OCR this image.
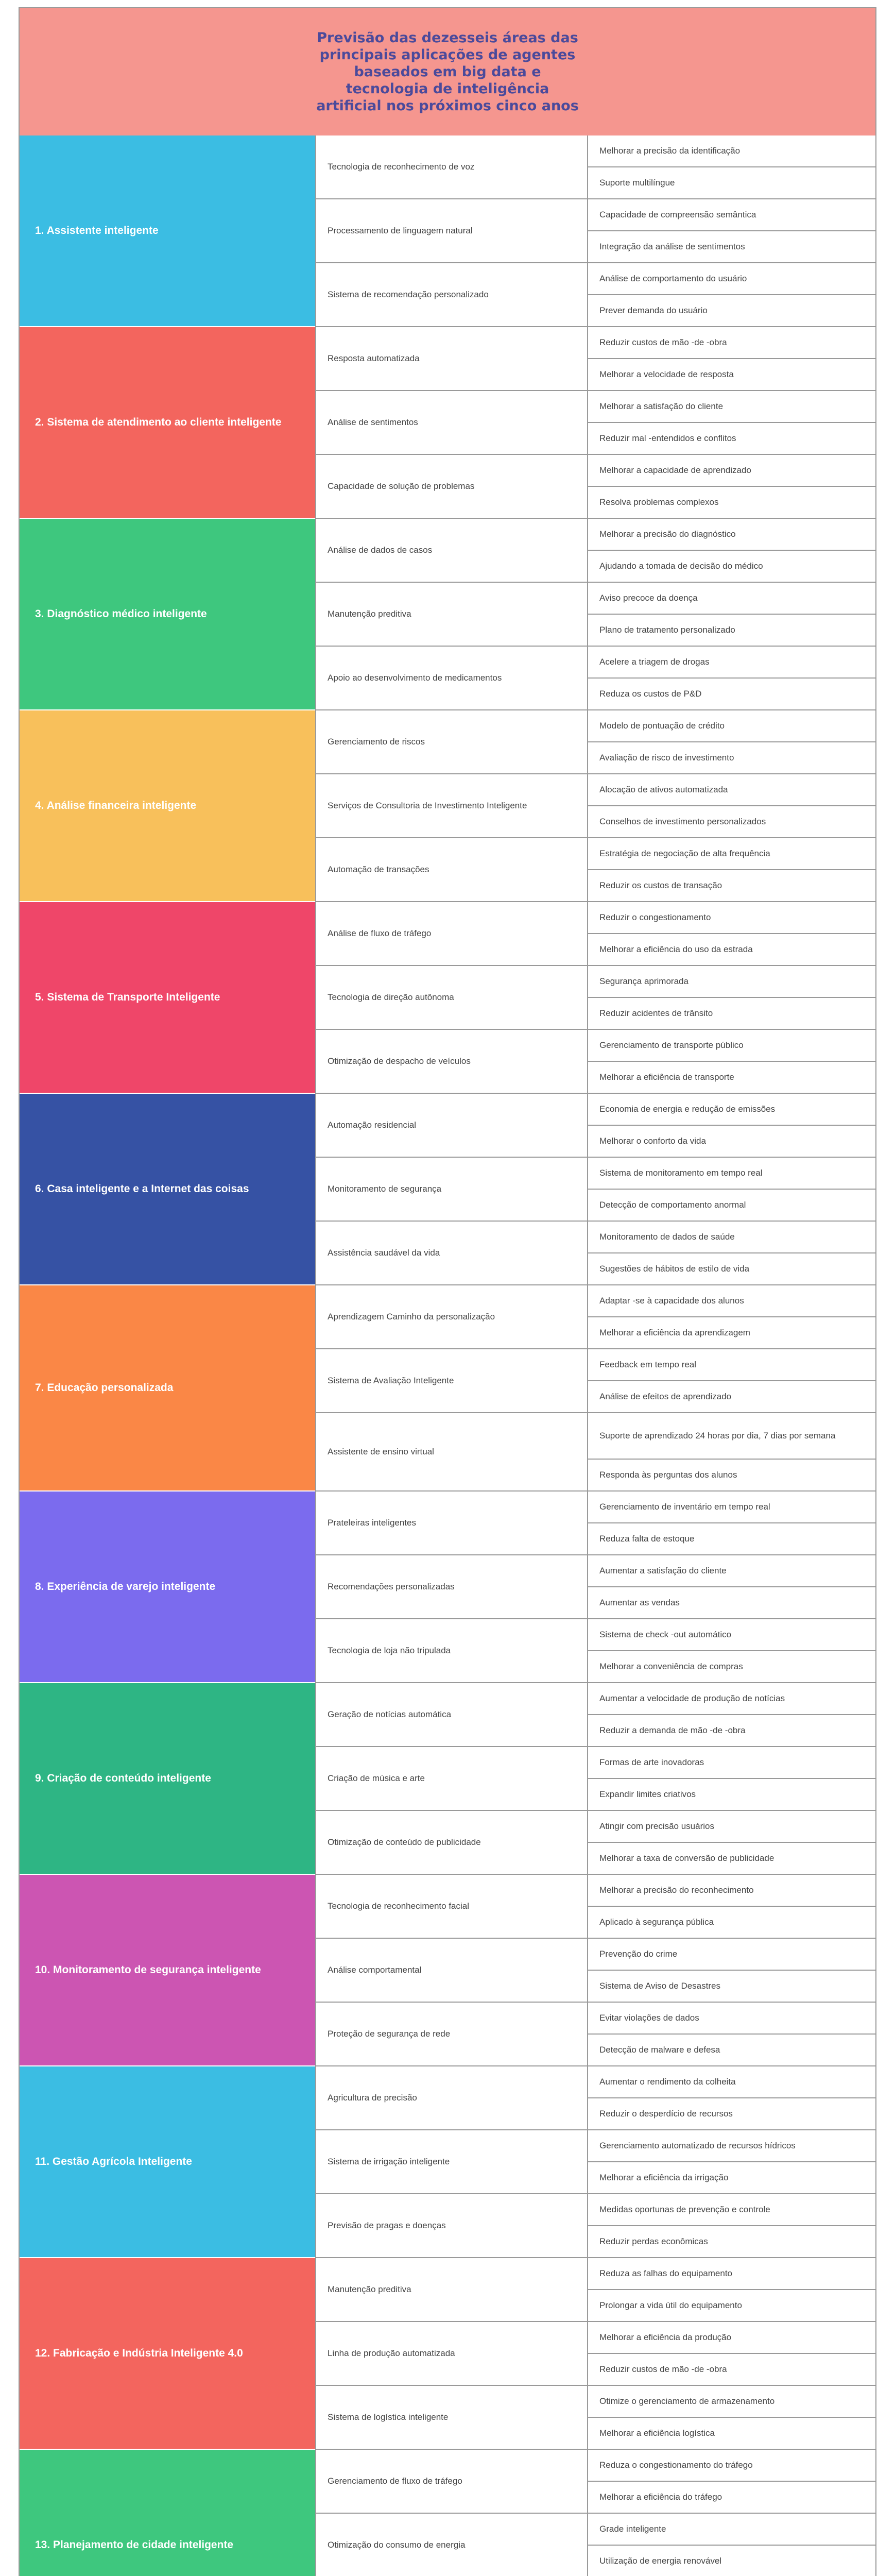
Previsão das dezesseis áreas das principais aplicações de agentes baseados em big data e tecnologia de inteligência artificial nos próximos cinco anos
1. Assistente inteligente
Tecnologia de reconhecimento de voz
Melhorar a precisão da identificação
Suporte multilíngue
Processamento de linguagem natural
Capacidade de compreensão semântica
Integração da análise de sentimentos
Sistema de recomendação personalizado
Análise de comportamento do usuário
Prever demanda do usuário
2. Sistema de atendimento ao cliente inteligente
Resposta automatizada
Reduzir custos de mão -de -obra
Melhorar a velocidade de resposta
Análise de sentimentos
Melhorar a satisfação do cliente
Reduzir mal -entendidos e conflitos
Capacidade de solução de problemas
Melhorar a capacidade de aprendizado
Resolva problemas complexos
3. Diagnóstico médico inteligente
Análise de dados de casos
Melhorar a precisão do diagnóstico
Ajudando a tomada de decisão do médico
Manutenção preditiva
Aviso precoce da doença
Plano de tratamento personalizado
Apoio ao desenvolvimento de medicamentos
Acelere a triagem de drogas
Reduza os custos de P&D
4. Análise financeira inteligente
Gerenciamento de riscos
Modelo de pontuação de crédito
Avaliação de risco de investimento
Serviços de Consultoria de Investimento Inteligente
Alocação de ativos automatizada
Conselhos de investimento personalizados
Automação de transações
Estratégia de negociação de alta frequência
Reduzir os custos de transação
5. Sistema de Transporte Inteligente
Análise de fluxo de tráfego
Reduzir o congestionamento
Melhorar a eficiência do uso da estrada
Tecnologia de direção autônoma
Segurança aprimorada
Reduzir acidentes de trânsito
Otimização de despacho de veículos
Gerenciamento de transporte público
Melhorar a eficiência de transporte
6. Casa inteligente e a Internet das coisas
Automação residencial
Economia de energia e redução de emissões
Melhorar o conforto da vida
Monitoramento de segurança
Sistema de monitoramento em tempo real
Detecção de comportamento anormal
Assistência saudável da vida
Monitoramento de dados de saúde
Sugestões de hábitos de estilo de vida
7. Educação personalizada
Aprendizagem Caminho da personalização
Adaptar -se à capacidade dos alunos
Melhorar a eficiência da aprendizagem
Sistema de Avaliação Inteligente
Feedback em tempo real
Análise de efeitos de aprendizado
Assistente de ensino virtual
Suporte de aprendizado 24 horas por dia, 7 dias por semana
Responda às perguntas dos alunos
8. Experiência de varejo inteligente
Prateleiras inteligentes
Gerenciamento de inventário em tempo real
Reduza falta de estoque
Recomendações personalizadas
Aumentar a satisfação do cliente
Aumentar as vendas
Tecnologia de loja não tripulada
Sistema de check -out automático
Melhorar a conveniência de compras
9. Criação de conteúdo inteligente
Geração de notícias automática
Aumentar a velocidade de produção de notícias
Reduzir a demanda de mão -de -obra
Criação de música e arte
Formas de arte inovadoras
Expandir limites criativos
Otimização de conteúdo de publicidade
Atingir com precisão usuários
Melhorar a taxa de conversão de publicidade
10. Monitoramento de segurança inteligente
Tecnologia de reconhecimento facial
Melhorar a precisão do reconhecimento
Aplicado à segurança pública
Análise comportamental
Prevenção do crime
Sistema de Aviso de Desastres
Proteção de segurança de rede
Evitar violações de dados
Detecção de malware e defesa
11. Gestão Agrícola Inteligente
Agricultura de precisão
Aumentar o rendimento da colheita
Reduzir o desperdício de recursos
Sistema de irrigação inteligente
Gerenciamento automatizado de recursos hídricos
Melhorar a eficiência da irrigação
Previsão de pragas e doenças
Medidas oportunas de prevenção e controle
Reduzir perdas econômicas
12. Fabricação e Indústria Inteligente 4.0
Manutenção preditiva
Reduza as falhas do equipamento
Prolongar a vida útil do equipamento
Linha de produção automatizada
Melhorar a eficiência da produção
Reduzir custos de mão -de -obra
Sistema de logística inteligente
Otimize o gerenciamento de armazenamento
Melhorar a eficiência logística
13. Planejamento de cidade inteligente
Gerenciamento de fluxo de tráfego
Reduza o congestionamento do tráfego
Melhorar a eficiência do tráfego
Otimização do consumo de energia
Grade inteligente
Utilização de energia renovável
